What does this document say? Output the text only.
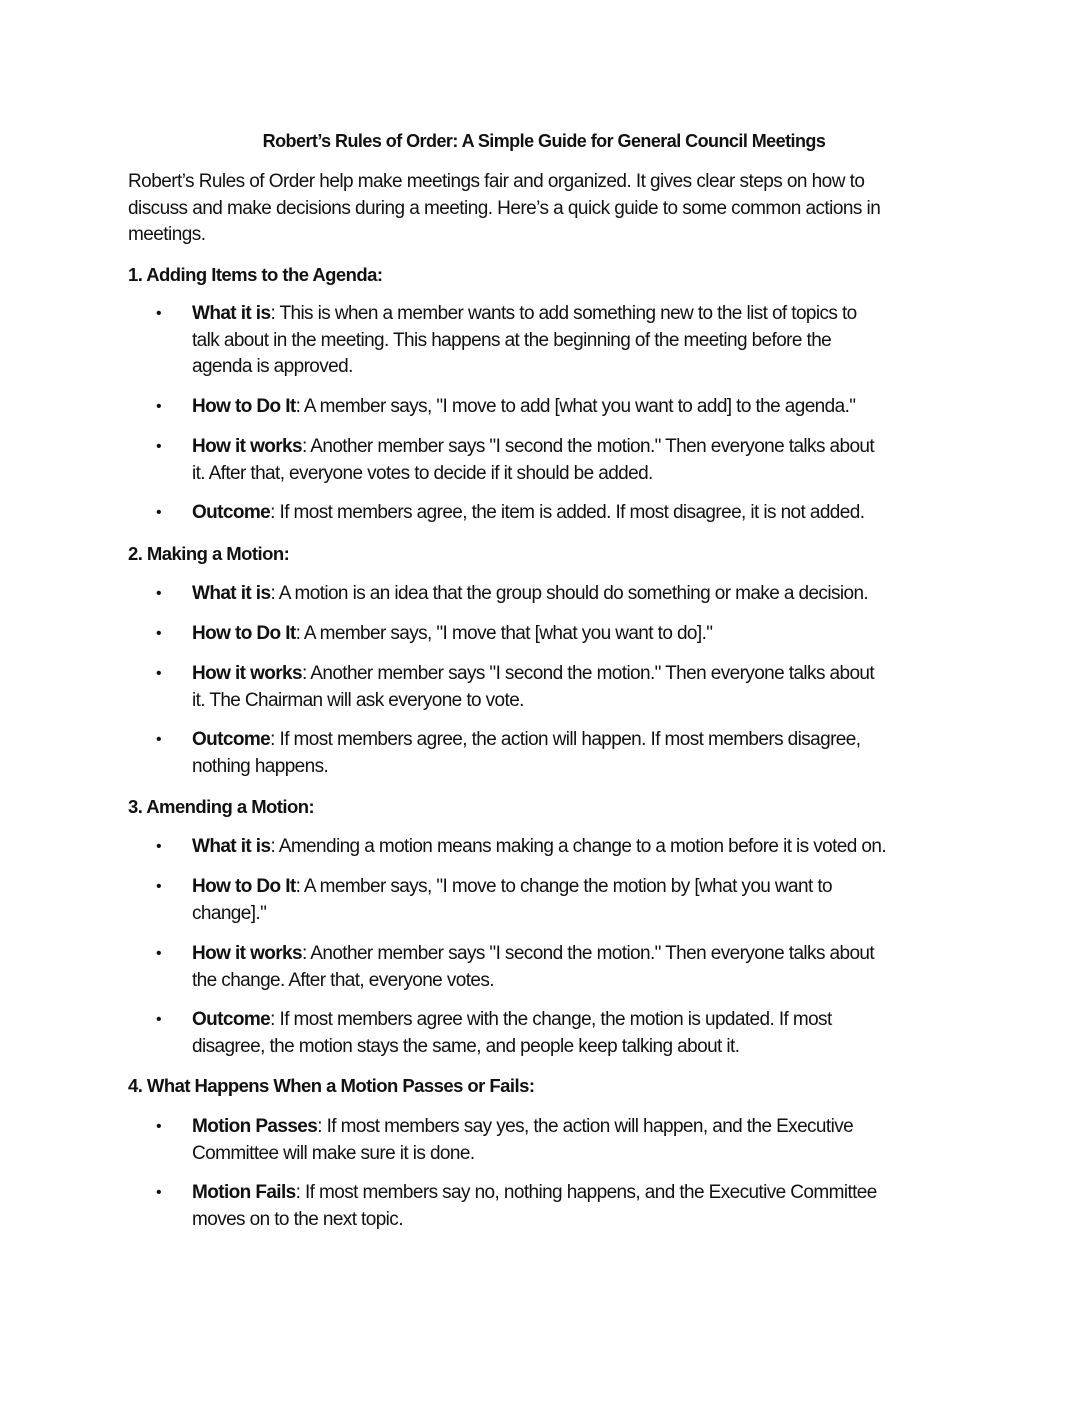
Robert’s Rules of Order: A Simple Guide for General Council Meetings
Robert’s Rules of Order help make meetings fair and organized. It gives clear steps on how to
discuss and make decisions during a meeting. Here’s a quick guide to some common actions in
meetings.
1. Adding Items to the Agenda:
• What it is: This is when a member wants to add something new to the list of topics to
talk about in the meeting. This happens at the beginning of the meeting before the
agenda is approved.
• How to Do It: A member says, "I move to add [what you want to add] to the agenda."
• How it works: Another member says "I second the motion." Then everyone talks about
it. After that, everyone votes to decide if it should be added.
• Outcome: If most members agree, the item is added. If most disagree, it is not added.
2. Making a Motion:
• What it is: A motion is an idea that the group should do something or make a decision.
• How to Do It: A member says, "I move that [what you want to do]."
• How it works: Another member says "I second the motion." Then everyone talks about
it. The Chairman will ask everyone to vote.
• Outcome: If most members agree, the action will happen. If most members disagree,
nothing happens.
3. Amending a Motion:
• What it is: Amending a motion means making a change to a motion before it is voted on.
• How to Do It: A member says, "I move to change the motion by [what you want to
change]."
• How it works: Another member says "I second the motion." Then everyone talks about
the change. After that, everyone votes.
• Outcome: If most members agree with the change, the motion is updated. If most
disagree, the motion stays the same, and people keep talking about it.
4. What Happens When a Motion Passes or Fails:
• Motion Passes: If most members say yes, the action will happen, and the Executive
Committee will make sure it is done.
• Motion Fails: If most members say no, nothing happens, and the Executive Committee
moves on to the next topic.
